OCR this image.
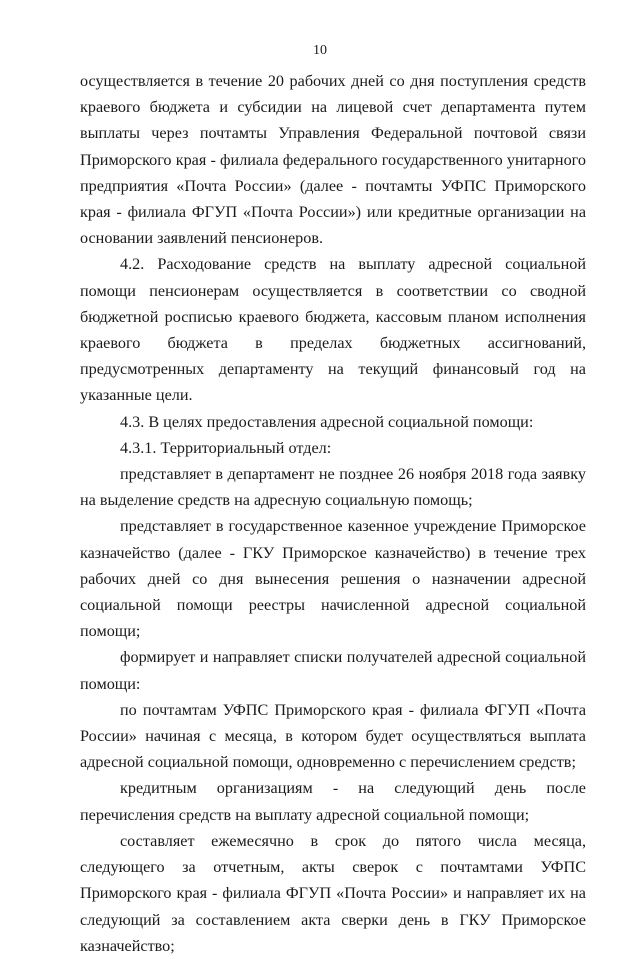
10

осуществляется в течение 20 рабочих дней со дня поступления средств краевого бюджета и субсидии на лицевой счет департамента путем выплаты через почтамты Управления Федеральной почтовой связи Приморского края - филиала федерального государственного унитарного предприятия «Почта России» (далее - почтамты УФПС Приморского края - филиала ФГУП «Почта России») или кредитные организации на основании заявлений пенсионеров.

4.2. Расходование средств на выплату адресной социальной помощи пенсионерам осуществляется в соответствии со сводной бюджетной росписью краевого бюджета, кассовым планом исполнения краевого бюджета в пределах бюджетных ассигнований, предусмотренных департаменту на текущий финансовый год на указанные цели.

4.3. В целях предоставления адресной социальной помощи:

4.3.1. Территориальный отдел:

представляет в департамент не позднее 26 ноября 2018 года заявку на выделение средств на адресную социальную помощь;

представляет в государственное казенное учреждение Приморское казначейство (далее - ГКУ Приморское казначейство) в течение трех рабочих дней со дня вынесения решения о назначении адресной социальной помощи реестры начисленной адресной социальной помощи;

формирует и направляет списки получателей адресной социальной помощи:

по почтамтам УФПС Приморского края - филиала ФГУП «Почта России» начиная с месяца, в котором будет осуществляться выплата адресной социальной помощи, одновременно с перечислением средств;

кредитным организациям - на следующий день после перечисления средств на выплату адресной социальной помощи;

составляет ежемесячно в срок до пятого числа месяца, следующего за отчетным, акты сверок с почтамтами УФПС Приморского края - филиала ФГУП «Почта России» и направляет их на следующий за составлением акта сверки день в ГКУ Приморское казначейство;
